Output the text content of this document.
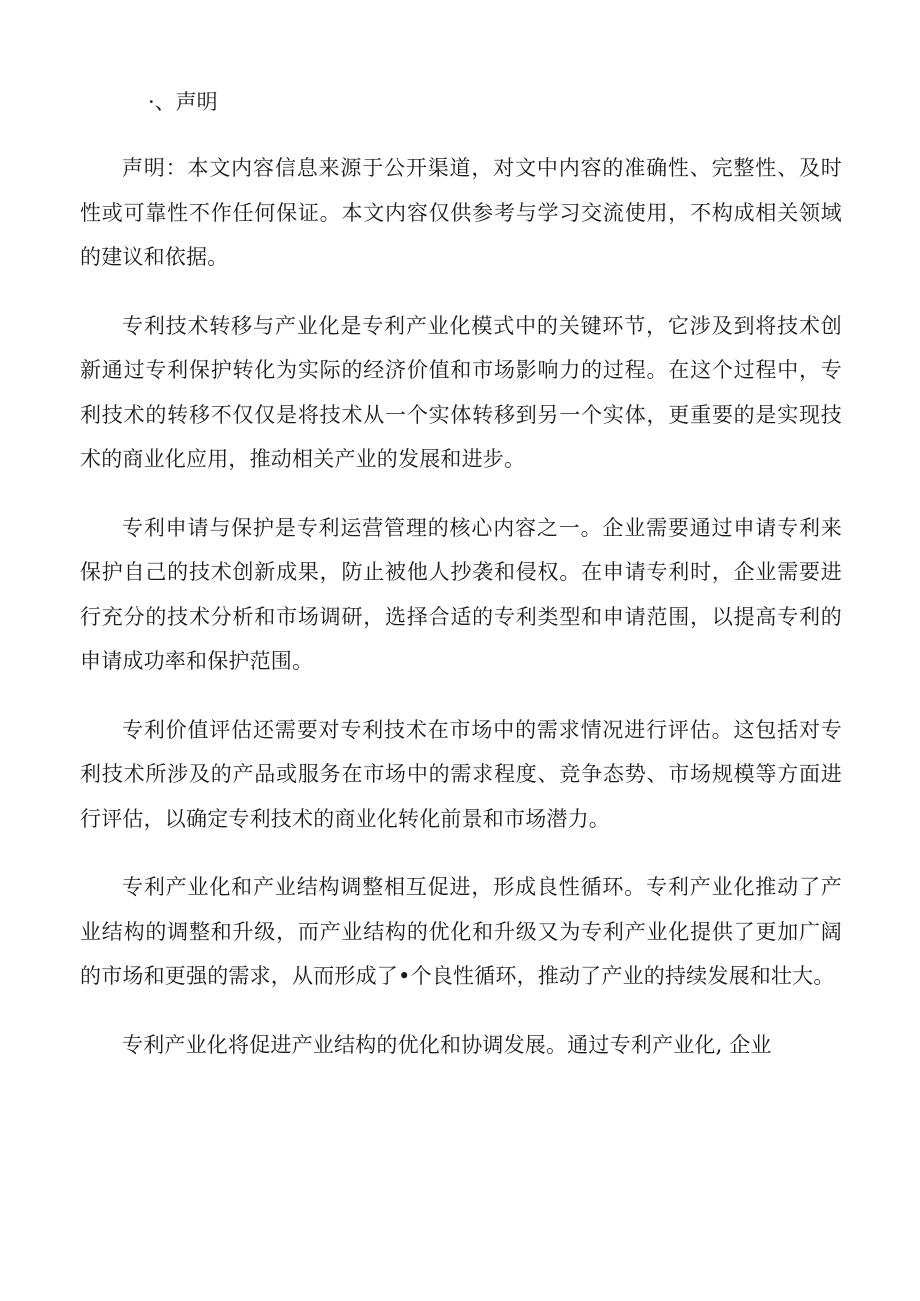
·、声明

声明：本文内容信息来源于公开渠道，对文中内容的准确性、完整性、及时性或可靠性不作任何保证。本文内容仅供参考与学习交流使用，不构成相关领域的建议和依据。

专利技术转移与产业化是专利产业化模式中的关键环节，它涉及到将技术创新通过专利保护转化为实际的经济价值和市场影响力的过程。在这个过程中，专利技术的转移不仅仅是将技术从一个实体转移到另一个实体，更重要的是实现技术的商业化应用，推动相关产业的发展和进步。

专利申请与保护是专利运营管理的核心内容之一。企业需要通过申请专利来保护自己的技术创新成果，防止被他人抄袭和侵权。在申请专利时，企业需要进行充分的技术分析和市场调研，选择合适的专利类型和申请范围，以提高专利的申请成功率和保护范围。

专利价值评估还需要对专利技术在市场中的需求情况进行评估。这包括对专利技术所涉及的产品或服务在市场中的需求程度、竞争态势、市场规模等方面进行评估，以确定专利技术的商业化转化前景和市场潜力。

专利产业化和产业结构调整相互促进，形成良性循环。专利产业化推动了产业结构的调整和升级，而产业结构的优化和升级又为专利产业化提供了更加广阔的市场和更强的需求，从而形成了•个良性循环，推动了产业的持续发展和壮大。

专利产业化将促进产业结构的优化和协调发展。通过专利产业化, 企业
